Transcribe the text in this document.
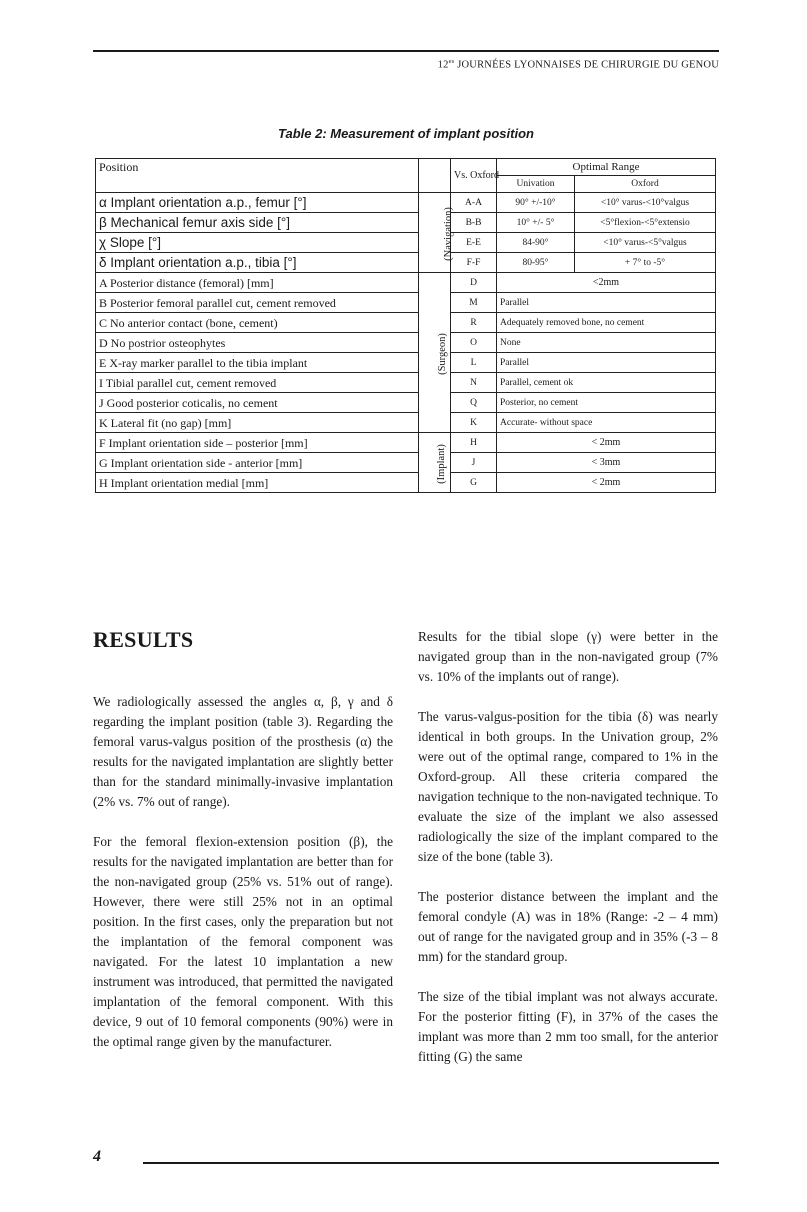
$12^{es}$ JOURNÉES LYONNAISES DE CHIRURGIE DU GENOU
Table 2: Measurement of implant position
Position		Vs. Oxford	Optimal Range	
			Univation	Oxford
α Implant orientation a.p., femur [°]	(Navigation)	A-A	90° +/-10°	<10° varus-<10°valgus
β Mechanical femur axis side [°]		B-B	10° +/- 5°	<5°flexion-<5°extensio
χ Slope [°]		E-E	84-90°	<10° varus-<5°valgus
δ Implant orientation a.p., tibia [°]		F-F	80-95°	+ 7° to -5°
A Posterior distance (femoral) [mm]	(Surgeon)	D	<2mm	
B Posterior femoral parallel cut, cement removed		M	Parallel	
C No anterior contact (bone, cement)		R	Adequately removed bone, no cement	
D No postrior osteophytes		O	None	
E X-ray marker parallel to the tibia implant		L	Parallel	
I Tibial parallel cut, cement removed		N	Parallel, cement ok	
J Good posterior coticalis, no cement		Q	Posterior, no cement	
K Lateral fit (no gap) [mm]		K	Accurate- without space	
F Implant orientation side – posterior [mm]	(Implant)	H	< 2mm	
G Implant orientation side - anterior [mm]		J	< 3mm	
H Implant orientation medial [mm]		G	< 2mm	
RESULTS

We radiologically assessed the angles α, β, γ and δ regarding the implant position (table 3). Regarding the femoral varus-valgus position of the prosthesis (α) the results for the navigated implantation are slightly better than for the standard minimally-invasive implantation (2% vs. 7% out of range).

For the femoral flexion-extension position (β), the results for the navigated implantation are better than for the non-navigated group (25% vs. 51% out of range). However, there were still 25% not in an optimal position. In the first cases, only the preparation but not the implantation of the femoral component was navigated. For the latest 10 implantation a new instrument was introduced, that permitted the navigated implantation of the femoral component. With this device, 9 out of 10 femoral components (90%) were in the optimal range given by the manufacturer.

Results for the tibial slope (γ) were better in the navigated group than in the non-navigated group (7% vs. 10% of the implants out of range).

The varus-valgus-position for the tibia (δ) was nearly identical in both groups. In the Univation group, 2% were out of the optimal range, compared to 1% in the Oxford-group. All these criteria compared the navigation technique to the non-navigated technique. To evaluate the size of the implant we also assessed radiologically the size of the implant compared to the size of the bone (table 3).

The posterior distance between the implant and the femoral condyle (A) was in 18% (Range: -2 – 4 mm) out of range for the navigated group and in 35% (-3 – 8 mm) for the standard group.

The size of the tibial implant was not always accurate. For the posterior fitting (F), in 37% of the cases the implant was more than 2 mm too small, for the anterior fitting (G) the same

4
